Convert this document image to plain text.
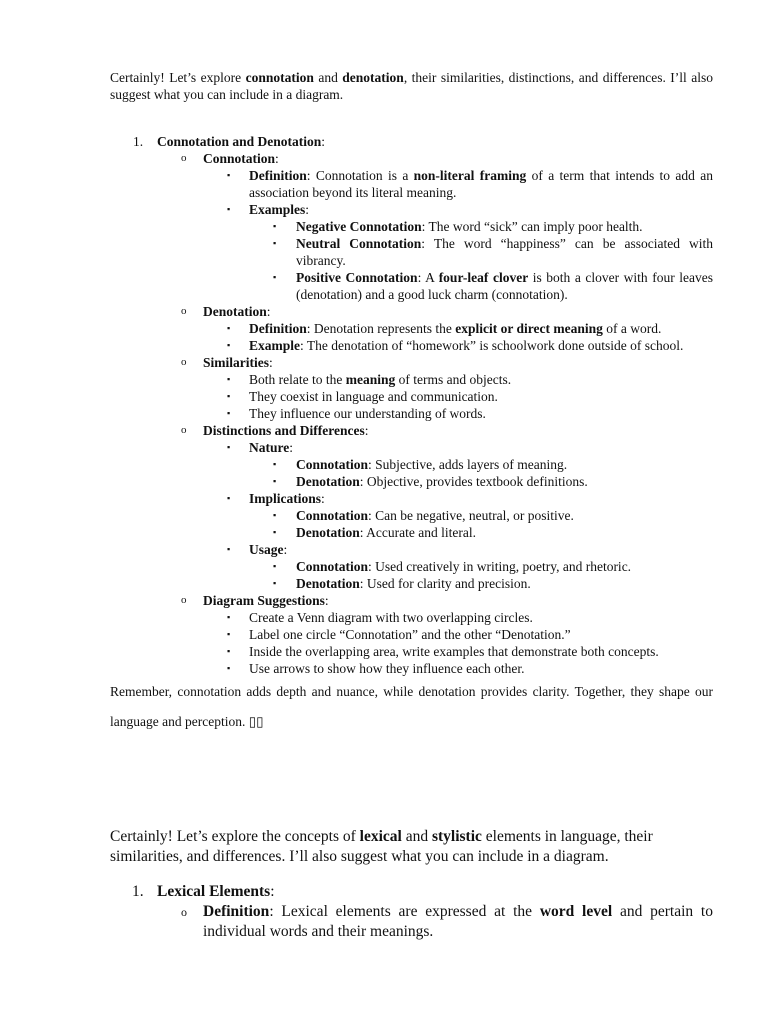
Certainly! Let’s explore connotation and denotation, their similarities, distinctions, and differences. I’ll also suggest what you can include in a diagram.

1. Connotation and Denotation:
o Connotation:
▪ Definition: Connotation is a non-literal framing of a term that intends to add an association beyond its literal meaning.
▪ Examples:
▪ Negative Connotation: The word “sick” can imply poor health.
▪ Neutral Connotation: The word “happiness” can be associated with vibrancy.
▪ Positive Connotation: A four-leaf clover is both a clover with four leaves (denotation) and a good luck charm (connotation).
o Denotation:
▪ Definition: Denotation represents the explicit or direct meaning of a word.
▪ Example: The denotation of “homework” is schoolwork done outside of school.
o Similarities:
▪ Both relate to the meaning of terms and objects.
▪ They coexist in language and communication.
▪ They influence our understanding of words.
o Distinctions and Differences:
▪ Nature:
▪ Connotation: Subjective, adds layers of meaning.
▪ Denotation: Objective, provides textbook definitions.
▪ Implications:
▪ Connotation: Can be negative, neutral, or positive.
▪ Denotation: Accurate and literal.
▪ Usage:
▪ Connotation: Used creatively in writing, poetry, and rhetoric.
▪ Denotation: Used for clarity and precision.
o Diagram Suggestions:
▪ Create a Venn diagram with two overlapping circles.
▪ Label one circle “Connotation” and the other “Denotation.”
▪ Inside the overlapping area, write examples that demonstrate both concepts.
▪ Use arrows to show how they influence each other.

Remember, connotation adds depth and nuance, while denotation provides clarity. Together, they shape our language and perception. ▯▯

Certainly! Let’s explore the concepts of lexical and stylistic elements in language, their similarities, and differences. I’ll also suggest what you can include in a diagram.

1. Lexical Elements:
o Definition: Lexical elements are expressed at the word level and pertain to individual words and their meanings.
